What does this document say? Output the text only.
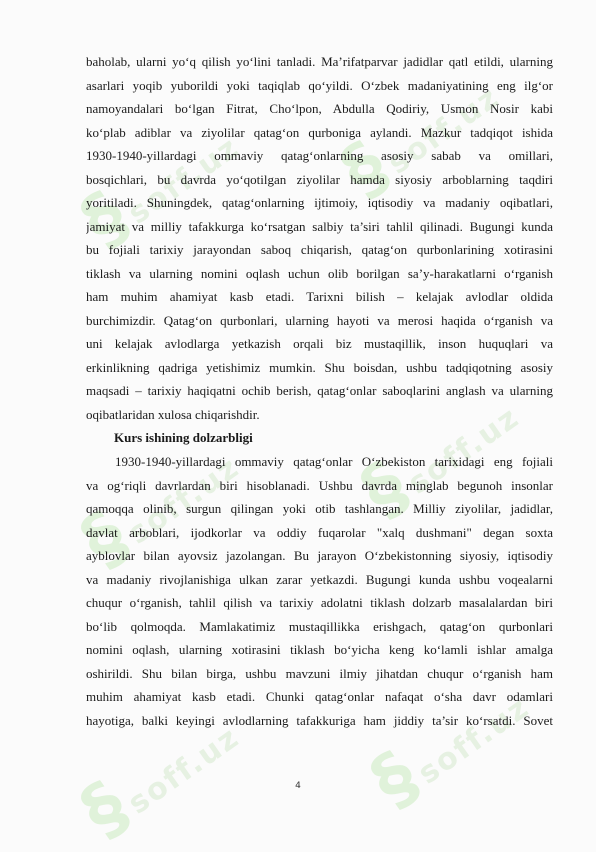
§soff.uz §soff.uz
§soff.uz §soff.uz
§soff.uz §soff.uz
baholab, ularni yo‘q qilish yo‘lini tanladi. Ma’rifatparvar jadidlar qatl etildi, ularning
asarlari yoqib yuborildi yoki taqiqlab qo‘yildi. O‘zbek madaniyatining eng ilg‘or
namoyandalari bo‘lgan Fitrat, Cho‘lpon, Abdulla Qodiriy, Usmon Nosir kabi
ko‘plab adiblar va ziyolilar qatag‘on qurboniga aylandi. Mazkur tadqiqot ishida
1930-1940-yillardagi ommaviy qatag‘onlarning asosiy sabab va omillari,
bosqichlari, bu davrda yo‘qotilgan ziyolilar hamda siyosiy arboblarning taqdiri
yoritiladi. Shuningdek, qatag‘onlarning ijtimoiy, iqtisodiy va madaniy oqibatlari,
jamiyat va milliy tafakkurga ko‘rsatgan salbiy ta’siri tahlil qilinadi. Bugungi kunda
bu fojiali tarixiy jarayondan saboq chiqarish, qatag‘on qurbonlarining xotirasini
tiklash va ularning nomini oqlash uchun olib borilgan sa’y-harakatlarni o‘rganish
ham muhim ahamiyat kasb etadi. Tarixni bilish – kelajak avlodlar oldida
burchimizdir. Qatag‘on qurbonlari, ularning hayoti va merosi haqida o‘rganish va
uni kelajak avlodlarga yetkazish orqali biz mustaqillik, inson huquqlari va
erkinlikning qadriga yetishimiz mumkin. Shu boisdan, ushbu tadqiqotning asosiy
maqsadi – tarixiy haqiqatni ochib berish, qatag‘onlar saboqlarini anglash va ularning
oqibatlaridan xulosa chiqarishdir.
Kurs ishining dolzarbligi
1930-1940-yillardagi ommaviy qatag‘onlar O‘zbekiston tarixidagi eng fojiali
va og‘riqli davrlardan biri hisoblanadi. Ushbu davrda minglab begunoh insonlar
qamoqqa olinib, surgun qilingan yoki otib tashlangan. Milliy ziyolilar, jadidlar,
davlat arboblari, ijodkorlar va oddiy fuqarolar "xalq dushmani" degan soxta
ayblovlar bilan ayovsiz jazolangan. Bu jarayon O‘zbekistonning siyosiy, iqtisodiy
va madaniy rivojlanishiga ulkan zarar yetkazdi. Bugungi kunda ushbu voqealarni
chuqur o‘rganish, tahlil qilish va tarixiy adolatni tiklash dolzarb masalalardan biri
bo‘lib qolmoqda. Mamlakatimiz mustaqillikka erishgach, qatag‘on qurbonlari
nomini oqlash, ularning xotirasini tiklash bo‘yicha keng ko‘lamli ishlar amalga
oshirildi. Shu bilan birga, ushbu mavzuni ilmiy jihatdan chuqur o‘rganish ham
muhim ahamiyat kasb etadi. Chunki qatag‘onlar nafaqat o‘sha davr odamlari
hayotiga, balki keyingi avlodlarning tafakkuriga ham jiddiy ta’sir ko‘rsatdi. Sovet
4
